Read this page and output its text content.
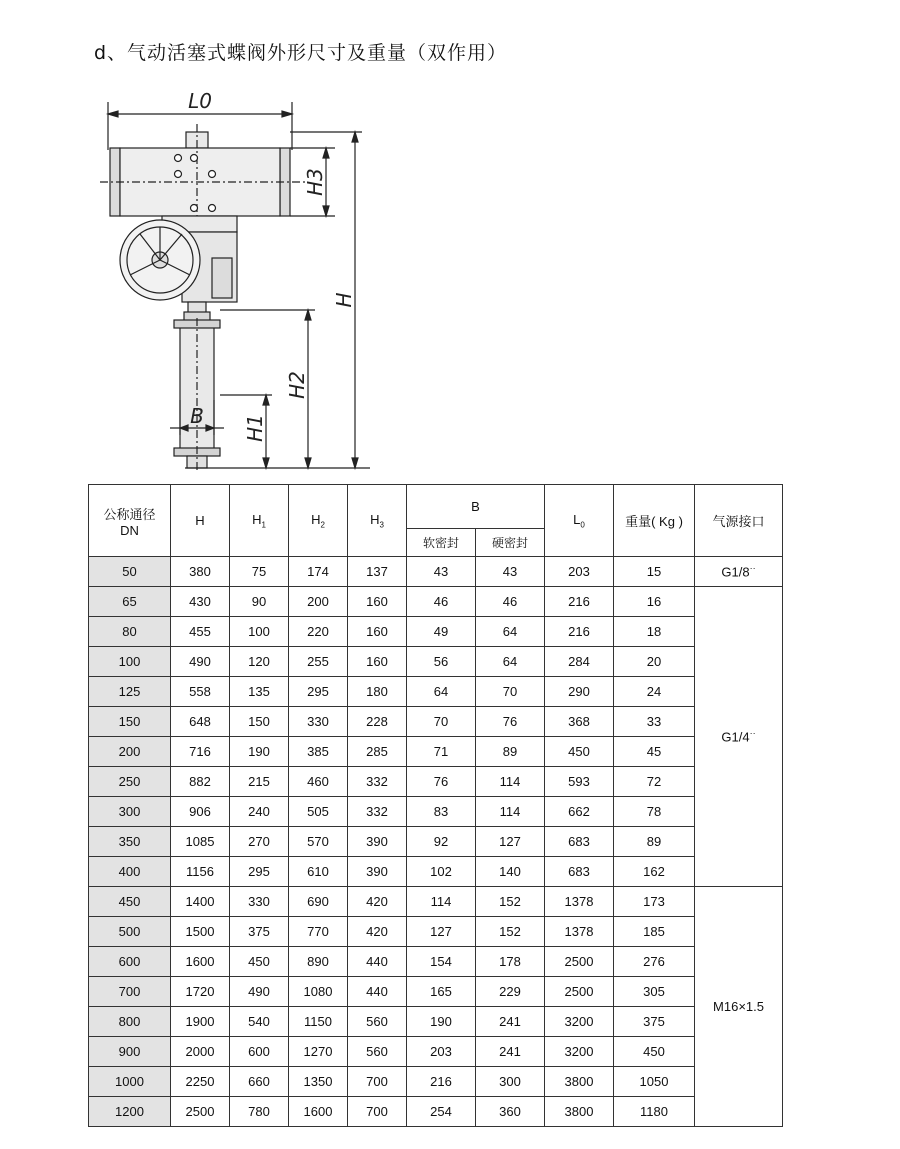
d、气动活塞式蝶阀外形尺寸及重量（双作用）
L0
B
H3
H
H2
H1
公称通径
DN	H	$H_1$	$H_2$	$H_3$	B		$L_0$	重量( Kg )	气源接口
					软密封	硬密封			
50	380	75	174	137	43	43	203	15	G1/8··
65	430	90	200	160	46	46	216	16	G1/4··
80	455	100	220	160	49	64	216	18	
100	490	120	255	160	56	64	284	20	
125	558	135	295	180	64	70	290	24	
150	648	150	330	228	70	76	368	33	
200	716	190	385	285	71	89	450	45	
250	882	215	460	332	76	114	593	72	
300	906	240	505	332	83	114	662	78	
350	1085	270	570	390	92	127	683	89	
400	1156	295	610	390	102	140	683	162	
450	1400	330	690	420	114	152	1378	173	M16×1.5
500	1500	375	770	420	127	152	1378	185	
600	1600	450	890	440	154	178	2500	276	
700	1720	490	1080	440	165	229	2500	305	
800	1900	540	1150	560	190	241	3200	375	
900	2000	600	1270	560	203	241	3200	450	
1000	2250	660	1350	700	216	300	3800	1050	
1200	2500	780	1600	700	254	360	3800	1180	
